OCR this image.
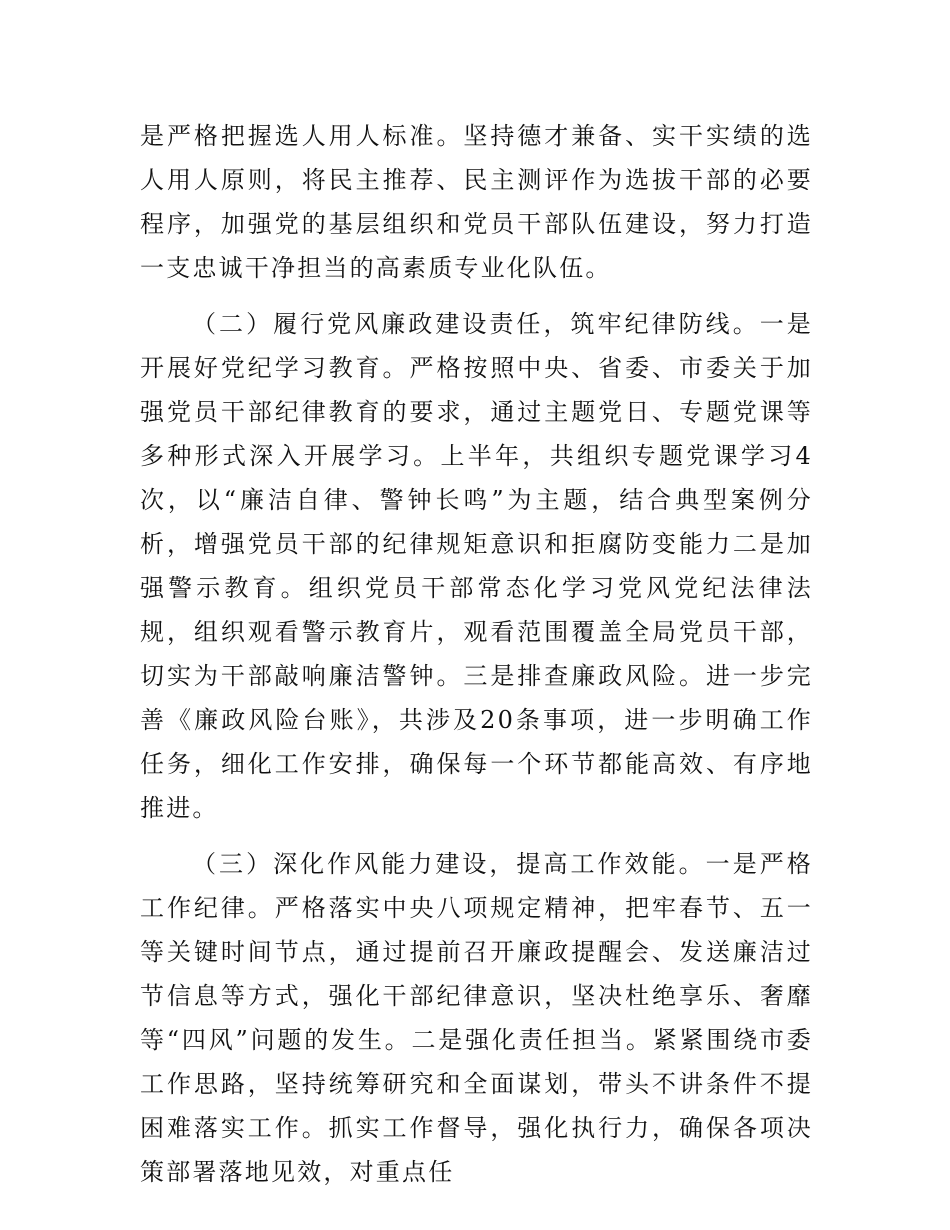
是严格把握选人用人标准。坚持德才兼备、实干实绩的选人用人原则，将民主推荐、民主测评作为选拔干部的必要程序，加强党的基层组织和党员干部队伍建设，努力打造一支忠诚干净担当的高素质专业化队伍。

（二）履行党风廉政建设责任，筑牢纪律防线。一是开展好党纪学习教育。严格按照中央、省委、市委关于加强党员干部纪律教育的要求，通过主题党日、专题党课等多种形式深入开展学习。上半年，共组织专题党课学习4次，以“廉洁自律、警钟长鸣”为主题，结合典型案例分析，增强党员干部的纪律规矩意识和拒腐防变能力二是加强警示教育。组织党员干部常态化学习党风党纪法律法规，组织观看警示教育片，观看范围覆盖全局党员干部，切实为干部敲响廉洁警钟。三是排查廉政风险。进一步完善《廉政风险台账》，共涉及20条事项，进一步明确工作任务，细化工作安排，确保每一个环节都能高效、有序地推进。

（三）深化作风能力建设，提高工作效能。一是严格工作纪律。严格落实中央八项规定精神，把牢春节、五一等关键时间节点，通过提前召开廉政提醒会、发送廉洁过节信息等方式，强化干部纪律意识，坚决杜绝享乐、奢靡等“四风”问题的发生。二是强化责任担当。紧紧围绕市委工作思路，坚持统筹研究和全面谋划，带头不讲条件不提困难落实工作。抓实工作督导，强化执行力，确保各项决策部署落地见效，对重点任
